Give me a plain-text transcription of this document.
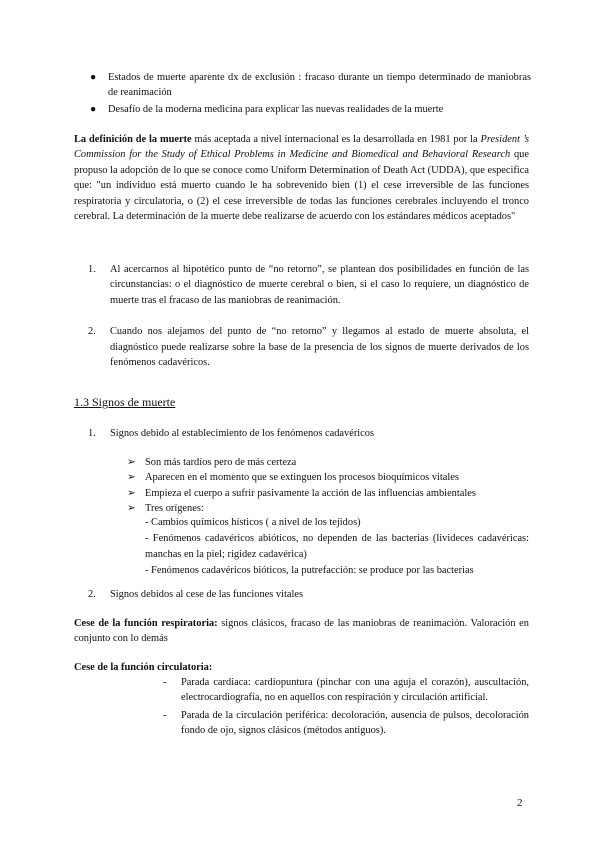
● Estados de muerte aparente dx de exclusión : fracaso durante un tiempo determinado de maniobras de reanimación
● Desafío de la moderna medicina para explicar las nuevas realidades de la muerte
La definición de la muerte más aceptada a nivel internacional es la desarrollada en 1981 por la President ’s Commission for the Study of Ethical Problems in Medicine and Biomedical and Behavioral Research que propuso la adopción de lo que se conoce como Uniform Determination of Death Act (UDDA), que especifica que: "un individuo está muerto cuando le ha sobrevenido bien (1) el cese irreversible de las funciones respiratoria y circulatoria, o (2) el cese irreversible de todas las funciones cerebrales incluyendo el tronco cerebral. La determinación de la muerte debe realizarse de acuerdo con los estándares médicos aceptados"
1. Al acercarnos al hipotético punto de “no retorno”, se plantean dos posibilidades en función de las circunstancias: o el diagnóstico de muerte cerebral o bien, si el caso lo requiere, un diagnóstico de muerte tras el fracaso de las maniobras de reanimación.
2. Cuando nos alejamos del punto de “no retorno” y llegamos al estado de muerte absoluta, el diagnóstico puede realizarse sobre la base de la presencia de los signos de muerte derivados de los fenómenos cadavéricos.
1.3 Signos de muerte
1. Signos debido al establecimiento de los fenómenos cadavéricos
➢ Son más tardíos pero de más certeza
➢ Aparecen en el momento que se extinguen los procesos bioquímicos vitales
➢ Empieza el cuerpo a sufrir pasivamente la acción de las influencias ambientales
➢ Tres orígenes:
- Cambios químicos hísticos ( a nivel de los tejidos)
- Fenómenos cadavéricos abióticos, no dependen de las bacterias (livideces cadavéricas: manchas en la piel; rigidez cadavérica)
- Fenómenos cadavéricos bióticos, la putrefacción: se produce por las bacterias
2. Signos debidos al cese de las funciones vitales
Cese de la función respiratoria: signos clásicos, fracaso de las maniobras de reanimación. Valoración en conjunto con lo demás
Cese de la función circulatoria:
- Parada cardiaca: cardiopuntura (pinchar con una aguja el corazón), auscultación, electrocardiografía, no en aquellos con respiración y circulación artificial.
- Parada de la circulación periférica: decoloración, ausencia de pulsos, decoloración fondo de ojo, signos clásicos (métodos antiguos).
2
